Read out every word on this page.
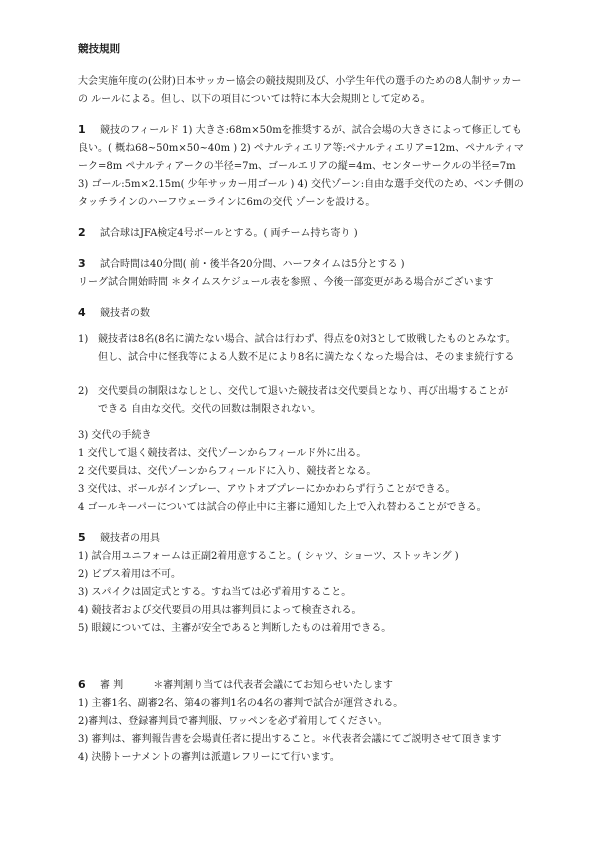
競技規則

大会実施年度の(公財)日本サッカー協会の競技規則及び、小学生年代の選手のための8人制サッカーの ルールによる。但し、以下の項目については特に本大会規則として定める。

1 競技のフィールド 1) 大きさ:68m×50mを推奨するが、試合会場の大きさによって修正しても良い。( 概ね68~50m×50~40m ) 2) ペナルティエリア等:ペナルティエリア=12m、ペナルティマーク=8m ペナルティアークの半径=7m、ゴールエリアの縦=4m、センターサークルの半径=7m 3) ゴール:5m×2.15m( 少年サッカー用ゴール ) 4) 交代ゾーン:自由な選手交代のため、ベンチ側のタッチラインのハーフウェーラインに6mの交代 ゾーンを設ける。

2 試合球はJFA検定4号ボールとする。( 両チーム持ち寄り )

3 試合時間は40分間( 前・後半各20分間、ハーフタイムは5分とする )

リーグ試合開始時間 ＊タイムスケジュール表を参照 、今後一部変更がある場合がございます

4 競技者の数

1) 競技者は8名(8名に満たない場合、試合は行わず、得点を0対3として敗戦したものとみなす。
但し、試合中に怪我等による人数不足により8名に満たなくなった場合は、そのまま続行する
2) 交代要員の制限はなしとし、交代して退いた競技者は交代要員となり、再び出場することが
できる 自由な交代。交代の回数は制限されない。

3) 交代の手続き

1 交代して退く競技者は、交代ゾーンからフィールド外に出る。

2 交代要員は、交代ゾーンからフィールドに入り、競技者となる。

3 交代は、ボールがインプレー、アウトオブプレーにかかわらず行うことができる。

4 ゴールキーパーについては試合の停止中に主審に通知した上で入れ替わることができる。

5 競技者の用具

1) 試合用ユニフォームは正副2着用意すること。( シャツ、ショーツ、ストッキング )

2) ビブス着用は不可。

3) スパイクは固定式とする。すね当ては必ず着用すること。

4) 競技者および交代要員の用具は審判員によって検査される。

5) 眼鏡については、主審が安全であると判断したものは着用できる。

6 審 判	＊審判割り当ては代表者会議にてお知らせいたします

1) 主審1名、副審2名、第4の審判1名の4名の審判で試合が運営される。

2)審判は、登録審判員で審判服、ワッペンを必ず着用してください。

3) 審判は、審判報告書を会場責任者に提出すること。＊代表者会議にてご説明させて頂きます

4) 決勝トーナメントの審判は派遣レフリーにて行います。
